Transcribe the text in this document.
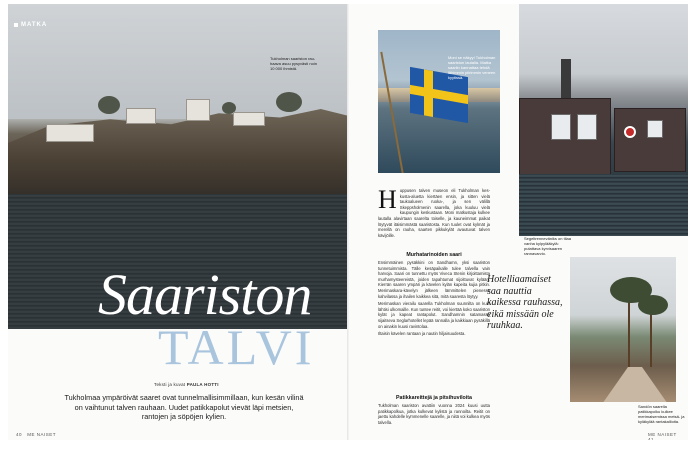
MATKA
Tukholman saariston rau-haava asuu pysyvästi noin 10 000 ihmistä.
Saariston
TALVI
Teksti ja kuvat PAULA HOTTI
Tukholmaa ympäröivät saaret ovat tunnelmallisimmillaan, kun kesän vilinä on vaihtunut talven rauhaan. Uudet patikkapolut vievät läpi metsien, rantojen ja söpöjen kylien.
40 ME NAISET
Moni se näkyy! Tukholman saariston lautalla. Matka saariin kannattaa tehdä lähimmin piirimmin veneen kyytissä.
Segeltrenneväniks on tilaa vanha kylpylääkylä: putattava kyrvisaaren rannavarvio.
Sandön saarella patikkapolku kulkee merimaisemissa metsä- ja kyläkylää rantakallioita.
Hotelliaamaiset saa nauttia kaikessa rauhassa, eikä missään ole ruuhkaa.
H uppusen talven museon eli Tukholman kes-kusta-aluetta kiertäen ensin, ja sitten vielä taukoalueen ruoka-, ja sen välillä Skeppsholmenin saarella, joka kuuluu vielä kaupungin keskustaan. Moni matkustaja kulkee lautalla alavirtaan saarelta toiselle, ja kauneimmat paikat löytyvät itäisimmästä saaristosta. Kun tuulet ovat kylmät ja merellä on rauha, saarten pikkukylät avautuvat talven kävijöille.
Murhatarinoiden saari

Ensimmäinen pysäkkini on Sandhamn, yksi saariston tunnetuimmista. Tälle kesäpaikalle tulee talvella vain harvoja. Saari on tunnettu myös Viveca Stenin kirjoittamista murhamysteereistä, joiden tapahtumat sijoittuvat kylään. Kierrän saaren ympäri ja kävelen kylän kapeita kujia pitkin. Merimaskara-kävelyn jälkeen lämmittelen pienessä kahvilassa ja ihailen kaikkea sitä, mitä saaresta löytyy.

Merimaskan vierailu saarella Tukholman suunnilta on kuin lähtisi ulkomaille. Kun tuntee reitit, voi kiertää koko saariston kylät ja kapeat rantapolut. Sandhamnin satamassa sijaitseva Seglarhotellet lepää rannalla ja kaikkiaan pysäkillä on ainakin kuusi ravintolaa.

Iltaisin kävelen rantaan ja nautin hiljaisuudesta.

Patikkareittejä ja pitsihuviloita

Tukholman saariston avattiin vuonna 2024 kuusi uutta patikkapolkua, jotka kulkevat kylistä ja rannoilta. Reitit on jaettu kahdelle kymmenelle saarelle, ja niitä voi kulkea myös talvella.

ME NAISET   41
